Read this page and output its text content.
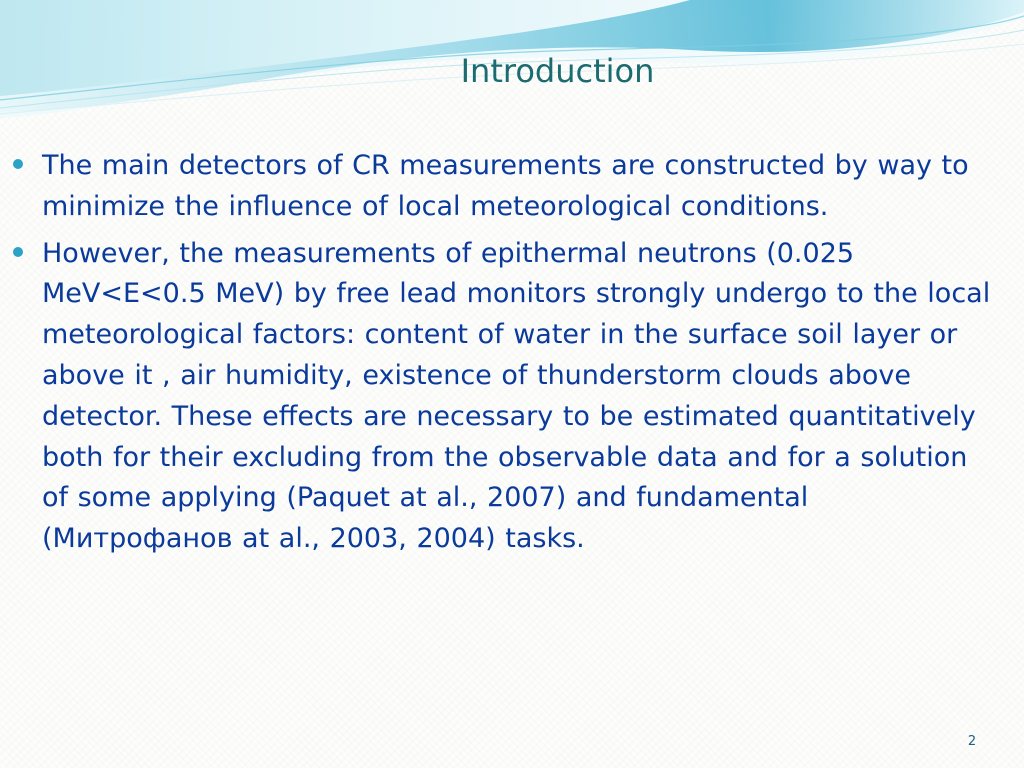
Introduction
The main detectors of CR measurements are constructed by way to minimize the influence of local meteorological conditions.
However, the measurements of epithermal neutrons (0.025 MeV<E<0.5 MeV) by free lead monitors strongly undergo to the local meteorological factors: content of water in the surface soil layer or above it , air humidity, existence of thunderstorm clouds above detector. These effects are necessary to be estimated quantitatively both for their excluding from the observable data and for a solution of some applying (Paquet at al., 2007) and fundamental (Митрофанов at al., 2003, 2004) tasks.
2
